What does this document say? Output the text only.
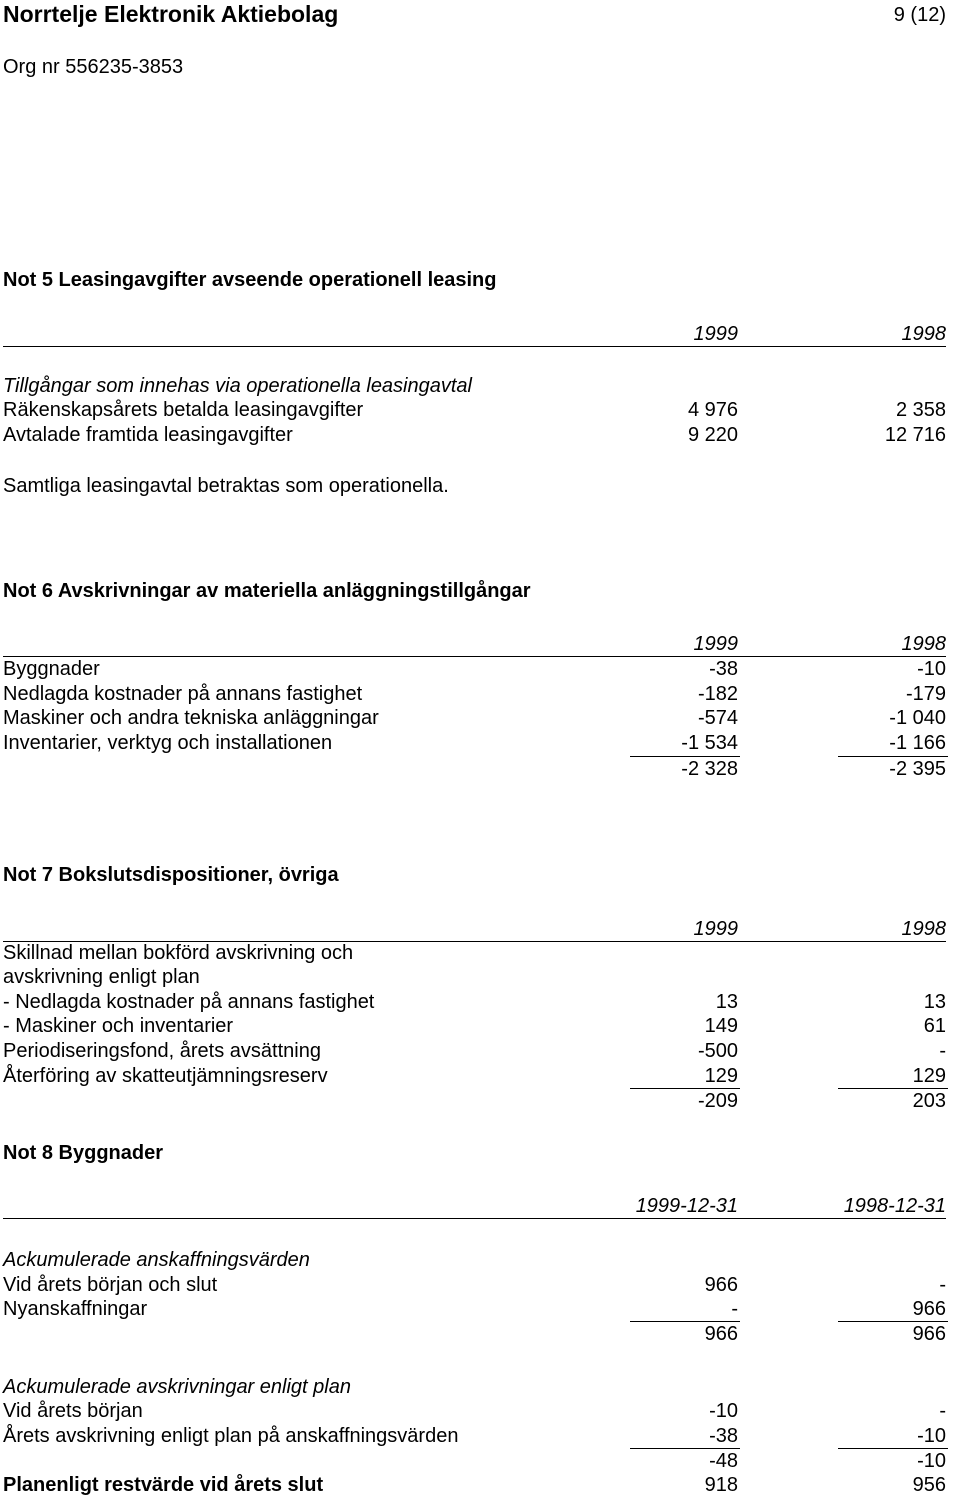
Norrtelje Elektronik Aktiebolag	9 (12)
Org nr 556235-3853
Not 5 Leasingavgifter avseende operationell leasing
1999	1998
Tillgångar som innehas via operationella leasingavtal
Räkenskapsårets betalda leasingavgifter	4 976	2 358
Avtalade framtida leasingavgifter	9 220	12 716
Samtliga leasingavtal betraktas som operationella.
Not 6 Avskrivningar av materiella anläggningstillgångar
1999	1998
Byggnader	-38	-10
Nedlagda kostnader på annans fastighet	-182	-179
Maskiner och andra tekniska anläggningar	-574	-1 040
Inventarier, verktyg och installationen	-1 534	-1 166
-2 328	-2 395
Not 7 Bokslutsdispositioner, övriga
1999	1998
Skillnad mellan bokförd avskrivning och
avskrivning enligt plan
- Nedlagda kostnader på annans fastighet	13	13
- Maskiner och inventarier	149	61
Periodiseringsfond, årets avsättning	-500	-
Återföring av skatteutjämningsreserv	129	129
-209	203
Not 8 Byggnader
1999-12-31	1998-12-31
Ackumulerade anskaffningsvärden
Vid årets början och slut	966	-
Nyanskaffningar	-	966
966	966
Ackumulerade avskrivningar enligt plan
Vid årets början	-10	-
Årets avskrivning enligt plan på anskaffningsvärden	-38	-10
-48	-10
Planenligt restvärde vid årets slut	918	956
